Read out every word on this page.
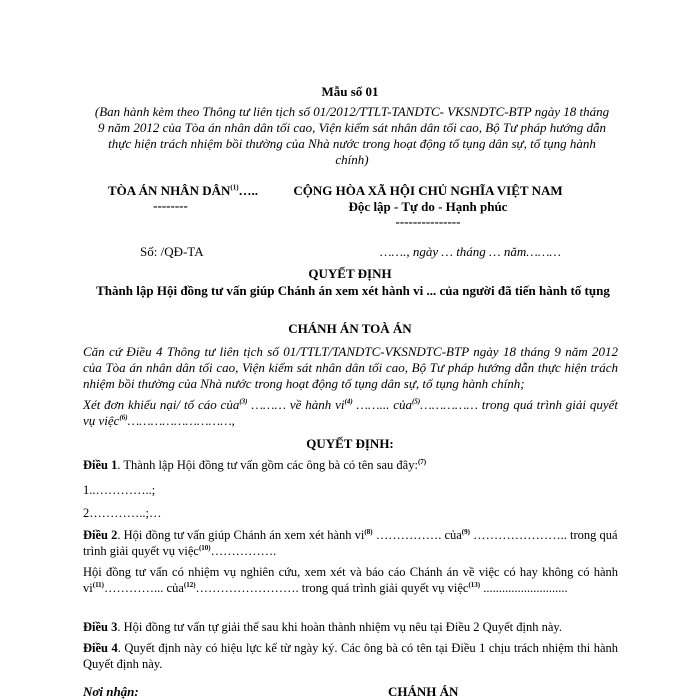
Mẫu số 01
(Ban hành kèm theo Thông tư liên tịch số 01/2012/TTLT-TANDTC- VKSNDTC-BTP ngày 18 tháng 9 năm 2012 của Tòa án nhân dân tối cao, Viện kiểm sát nhân dân tối cao, Bộ Tư pháp hướng dẫn thực hiện trách nhiệm bồi thường của Nhà nước trong hoạt động tố tụng dân sự, tố tụng hành chính)
TÒA ÁN NHÂN DÂN$^{(1)}$…..
--------
Số: /QĐ-TA
CỘNG HÒA XÃ HỘI CHỦ NGHĨA VIỆT NAM
Độc lập - Tự do - Hạnh phúc
---------------
……., ngày … tháng … năm………
QUYẾT ĐỊNH
Thành lập Hội đồng tư vấn giúp Chánh án xem xét hành vi ... của người đã tiến hành tố tụng
CHÁNH ÁN TOÀ ÁN
Căn cứ Điều 4 Thông tư liên tịch số 01/TTLT/TANDTC-VKSNDTC-BTP ngày 18 tháng 9 năm 2012 của Tòa án nhân dân tối cao, Viện kiểm sát nhân dân tối cao, Bộ Tư pháp hướng dẫn thực hiện trách nhiệm bồi thường của Nhà nước trong hoạt động tố tụng dân sự, tố tụng hành chính;
Xét đơn khiếu nại/ tố cáo của$^{(3)}$ ……… về hành $vi^{(4)}$ ……... của$^{(5)}$…………… trong quá trình giải quyết vụ việc$^{(6)}$………………………,
QUYẾT ĐỊNH:
Điều 1. Thành lập Hội đồng tư vấn gồm các ông bà có tên sau đây:$^{(7)}$
1..…………..;
2…………..;…
Điều 2. Hội đồng tư vấn giúp Chánh án xem xét hành $vi^{(8)}$ ……………. của$^{(9)}$ ………………….. trong quá trình giải quyết vụ việc$^{(10)}$…………….
Hội đồng tư vấn có nhiệm vụ nghiên cứu, xem xét và báo cáo Chánh án về việc có hay không có hành $vi^{(11)}\dots\dots\dots\dots$... của$^{(12)}$……………………. trong quá trình giải quyết vụ việc$^{(13)}$ ...........................
Điều 3. Hội đồng tư vấn tự giải thể sau khi hoàn thành nhiệm vụ nêu tại Điều 2 Quyết định này.
Điều 4. Quyết định này có hiệu lực kể từ ngày ký. Các ông bà có tên tại Điều 1 chịu trách nhiệm thi hành Quyết định này.
Nơi nhận:	CHÁNH ÁN
